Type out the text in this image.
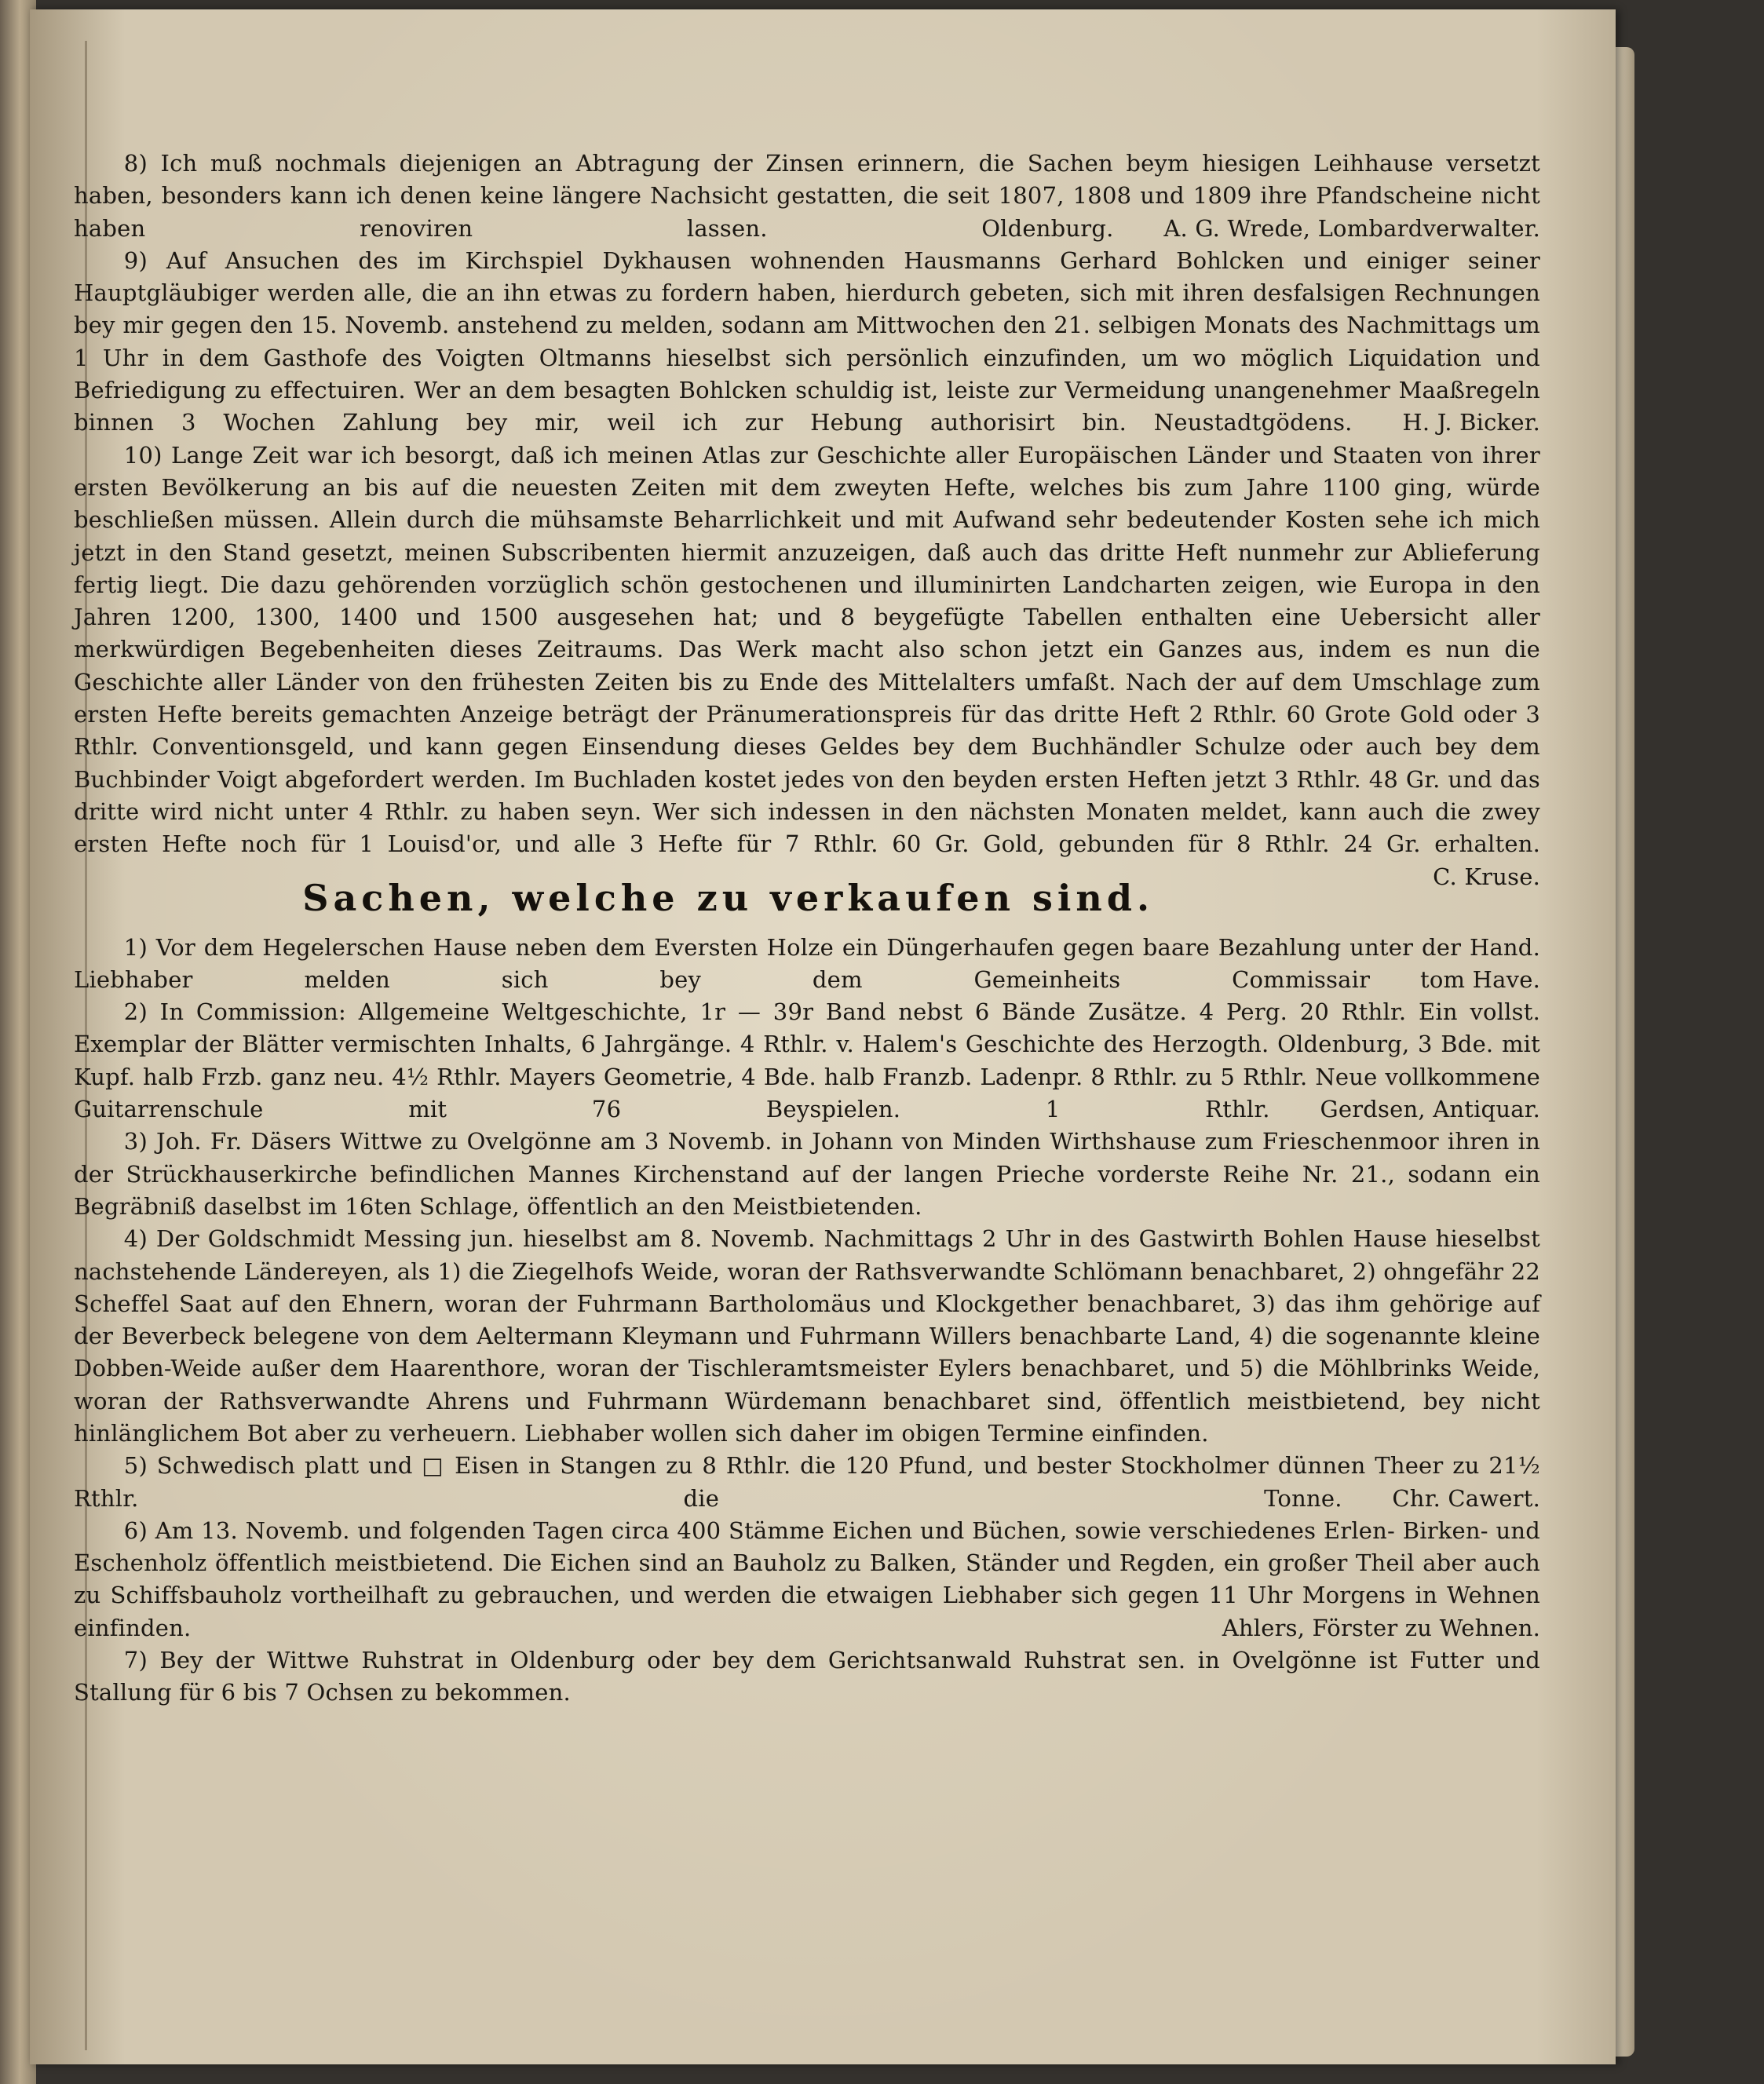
8) Ich muß nochmals diejenigen an Abtragung der Zinsen erinnern, die Sachen beym hiesigen Leihhause versetzt haben, besonders kann ich denen keine längere Nachsicht gestatten, die seit 1807, 1808 und 1809 ihre Pfandscheine nicht haben renoviren lassen. Oldenburg.	A. G. Wrede, Lombardverwalter.

9) Auf Ansuchen des im Kirchspiel Dykhausen wohnenden Hausmanns Gerhard Bohlcken und einiger seiner Hauptgläubiger werden alle, die an ihn etwas zu fordern haben, hierdurch gebeten, sich mit ihren desfalsigen Rechnungen bey mir gegen den 15. Novemb. anstehend zu melden, sodann am Mittwochen den 21. selbigen Monats des Nachmittags um 1 Uhr in dem Gasthofe des Voigten Oltmanns hieselbst sich persönlich einzufinden, um wo möglich Liquidation und Befriedigung zu effectuiren. Wer an dem besagten Bohlcken schuldig ist, leiste zur Vermeidung unangenehmer Maaßregeln binnen 3 Wochen Zahlung bey mir, weil ich zur Hebung authorisirt bin. Neustadtgödens.	H. J. Bicker.

10) Lange Zeit war ich besorgt, daß ich meinen Atlas zur Geschichte aller Europäischen Länder und Staaten von ihrer ersten Bevölkerung an bis auf die neuesten Zeiten mit dem zweyten Hefte, welches bis zum Jahre 1100 ging, würde beschließen müssen. Allein durch die mühsamste Beharrlichkeit und mit Aufwand sehr bedeutender Kosten sehe ich mich jetzt in den Stand gesetzt, meinen Subscribenten hiermit anzuzeigen, daß auch das dritte Heft nunmehr zur Ablieferung fertig liegt. Die dazu gehörenden vorzüglich schön gestochenen und illuminirten Landcharten zeigen, wie Europa in den Jahren 1200, 1300, 1400 und 1500 ausgesehen hat; und 8 beygefügte Tabellen enthalten eine Uebersicht aller merkwürdigen Begebenheiten dieses Zeitraums. Das Werk macht also schon jetzt ein Ganzes aus, indem es nun die Geschichte aller Länder von den frühesten Zeiten bis zu Ende des Mittelalters umfaßt. Nach der auf dem Umschlage zum ersten Hefte bereits gemachten Anzeige beträgt der Pränumerationspreis für das dritte Heft 2 Rthlr. 60 Grote Gold oder 3 Rthlr. Conventionsgeld, und kann gegen Einsendung dieses Geldes bey dem Buchhändler Schulze oder auch bey dem Buchbinder Voigt abgefordert werden. Im Buchladen kostet jedes von den beyden ersten Heften jetzt 3 Rthlr. 48 Gr. und das dritte wird nicht unter 4 Rthlr. zu haben seyn. Wer sich indessen in den nächsten Monaten meldet, kann auch die zwey ersten Hefte noch für 1 Louisd'or, und alle 3 Hefte für 7 Rthlr. 60 Gr. Gold, gebunden für 8 Rthlr. 24 Gr. erhalten.
C. Kruse.

Sachen, welche zu verkaufen sind.

1) Vor dem Hegelerschen Hause neben dem Eversten Holze ein Düngerhaufen gegen baare Bezahlung unter der Hand. Liebhaber melden sich bey dem Gemeinheits Commissair	tom Have.

2) In Commission: Allgemeine Weltgeschichte, 1r — 39r Band nebst 6 Bände Zusätze. 4 Perg. 20 Rthlr. Ein vollst. Exemplar der Blätter vermischten Inhalts, 6 Jahrgänge. 4 Rthlr. v. Halem's Geschichte des Herzogth. Oldenburg, 3 Bde. mit Kupf. halb Frzb. ganz neu. 4½ Rthlr. Mayers Geometrie, 4 Bde. halb Franzb. Ladenpr. 8 Rthlr. zu 5 Rthlr. Neue vollkommene Guitarrenschule mit 76 Beyspielen. 1 Rthlr.	Gerdsen, Antiquar.

3) Joh. Fr. Däsers Wittwe zu Ovelgönne am 3 Novemb. in Johann von Minden Wirthshause zum Frieschenmoor ihren in der Strückhauserkirche befindlichen Mannes Kirchenstand auf der langen Prieche vorderste Reihe Nr. 21., sodann ein Begräbniß daselbst im 16ten Schlage, öffentlich an den Meistbietenden.

4) Der Goldschmidt Messing jun. hieselbst am 8. Novemb. Nachmittags 2 Uhr in des Gastwirth Bohlen Hause hieselbst nachstehende Ländereyen, als 1) die Ziegelhofs Weide, woran der Rathsverwandte Schlömann benachbaret, 2) ohngefähr 22 Scheffel Saat auf den Ehnern, woran der Fuhrmann Bartholomäus und Klockgether benachbaret, 3) das ihm gehörige auf der Beverbeck belegene von dem Aeltermann Kleymann und Fuhrmann Willers benachbarte Land, 4) die sogenannte kleine Dobben-Weide außer dem Haarenthore, woran der Tischleramtsmeister Eylers benachbaret, und 5) die Möhlbrinks Weide, woran der Rathsverwandte Ahrens und Fuhrmann Würdemann benachbaret sind, öffentlich meistbietend, bey nicht hinlänglichem Bot aber zu verheuern. Liebhaber wollen sich daher im obigen Termine einfinden.

5) Schwedisch platt und □ Eisen in Stangen zu 8 Rthlr. die 120 Pfund, und bester Stockholmer dünnen Theer zu 21½ Rthlr. die Tonne.	Chr. Cawert.

6) Am 13. Novemb. und folgenden Tagen circa 400 Stämme Eichen und Büchen, sowie verschiedenes Erlen- Birken- und Eschenholz öffentlich meistbietend. Die Eichen sind an Bauholz zu Balken, Ständer und Regden, ein großer Theil aber auch zu Schiffsbauholz vortheilhaft zu gebrauchen, und werden die etwaigen Liebhaber sich gegen 11 Uhr Morgens in Wehnen einfinden.	Ahlers, Förster zu Wehnen.

7) Bey der Wittwe Ruhstrat in Oldenburg oder bey dem Gerichtsanwald Ruhstrat sen. in Ovelgönne ist Futter und Stallung für 6 bis 7 Ochsen zu bekommen.
